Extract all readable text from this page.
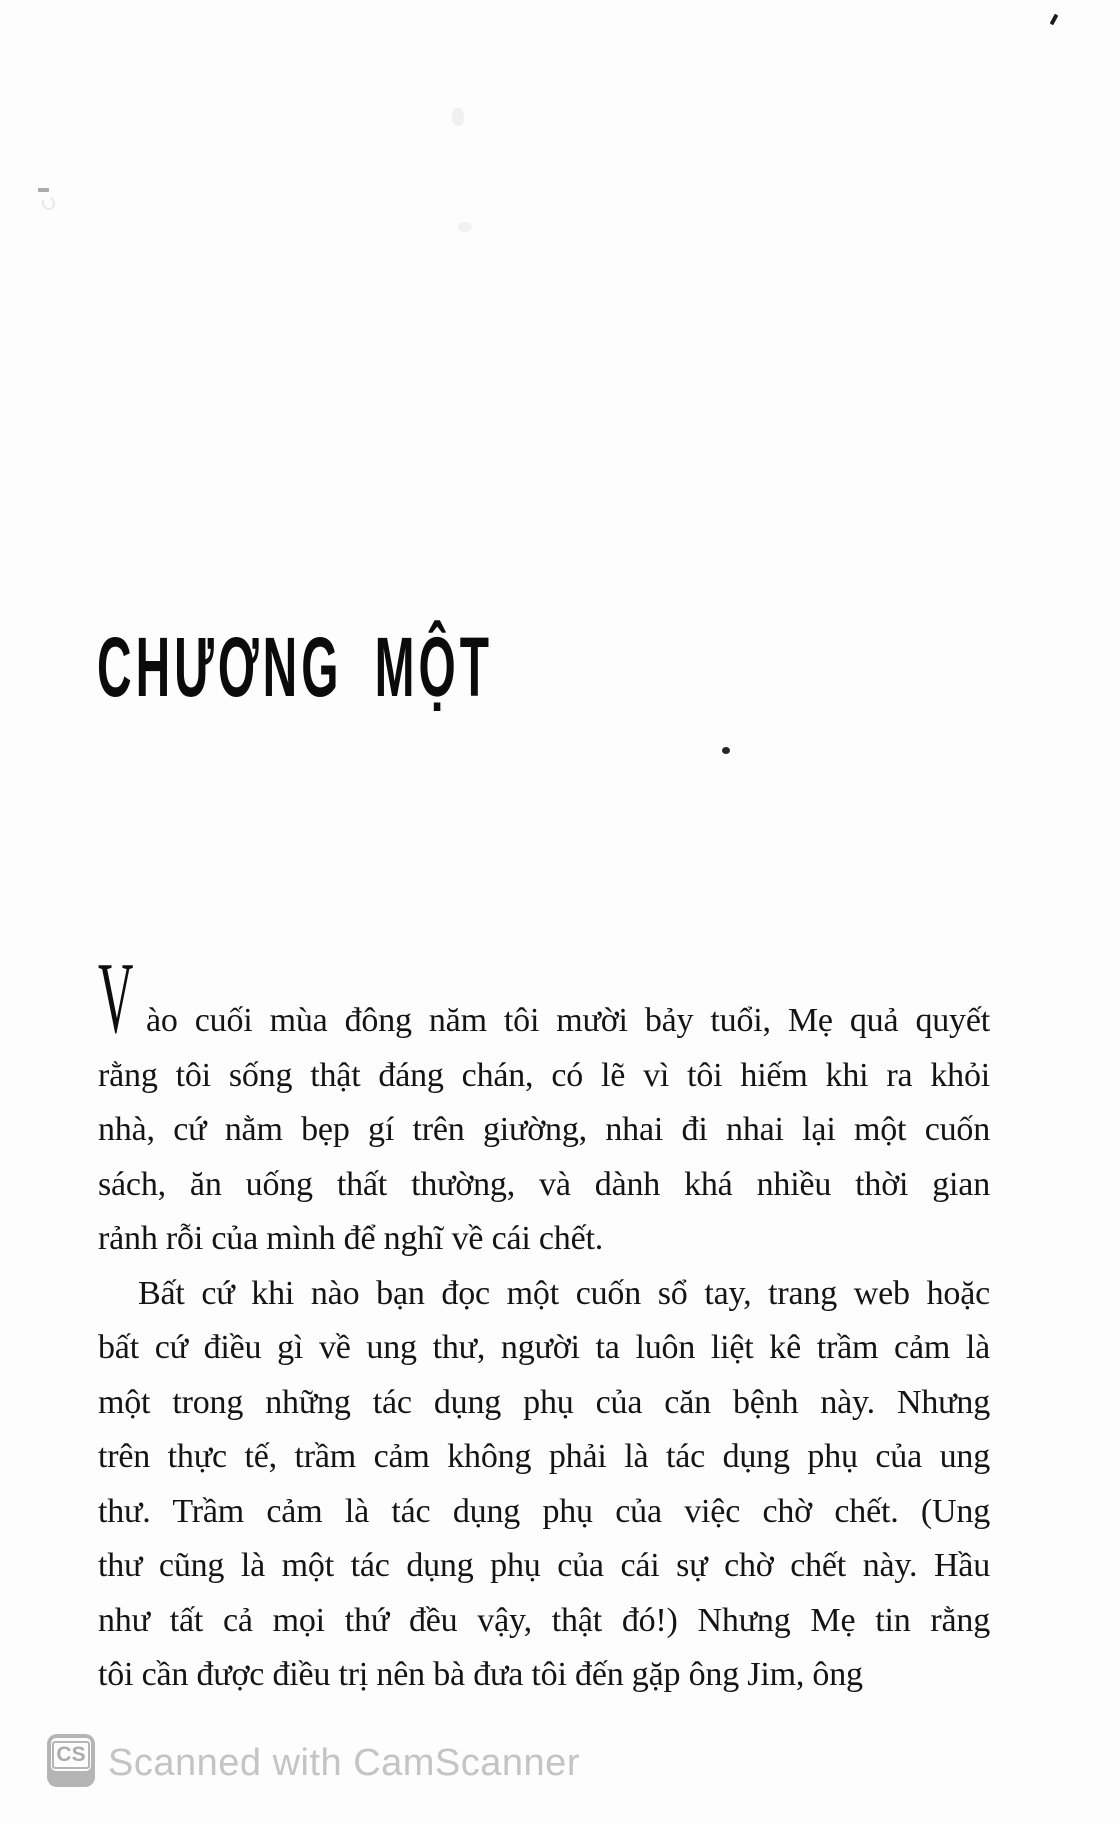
CHƯƠNG MỘT
V ào cuối mùa đông năm tôi mười bảy tuổi, Mẹ quả quyết
rằng tôi sống thật đáng chán, có lẽ vì tôi hiếm khi ra khỏi
nhà, cứ nằm bẹp gí trên giường, nhai đi nhai lại một cuốn
sách, ăn uống thất thường, và dành khá nhiều thời gian
rảnh rỗi của mình để nghĩ về cái chết.
Bất cứ khi nào bạn đọc một cuốn sổ tay, trang web hoặc
bất cứ điều gì về ung thư, người ta luôn liệt kê trầm cảm là
một trong những tác dụng phụ của căn bệnh này. Nhưng
trên thực tế, trầm cảm không phải là tác dụng phụ của ung
thư. Trầm cảm là tác dụng phụ của việc chờ chết. (Ung
thư cũng là một tác dụng phụ của cái sự chờ chết này. Hầu
như tất cả mọi thứ đều vậy, thật đó!) Nhưng Mẹ tin rằng
tôi cần được điều trị nên bà đưa tôi đến gặp ông Jim, ông
CS Scanned with CamScanner
